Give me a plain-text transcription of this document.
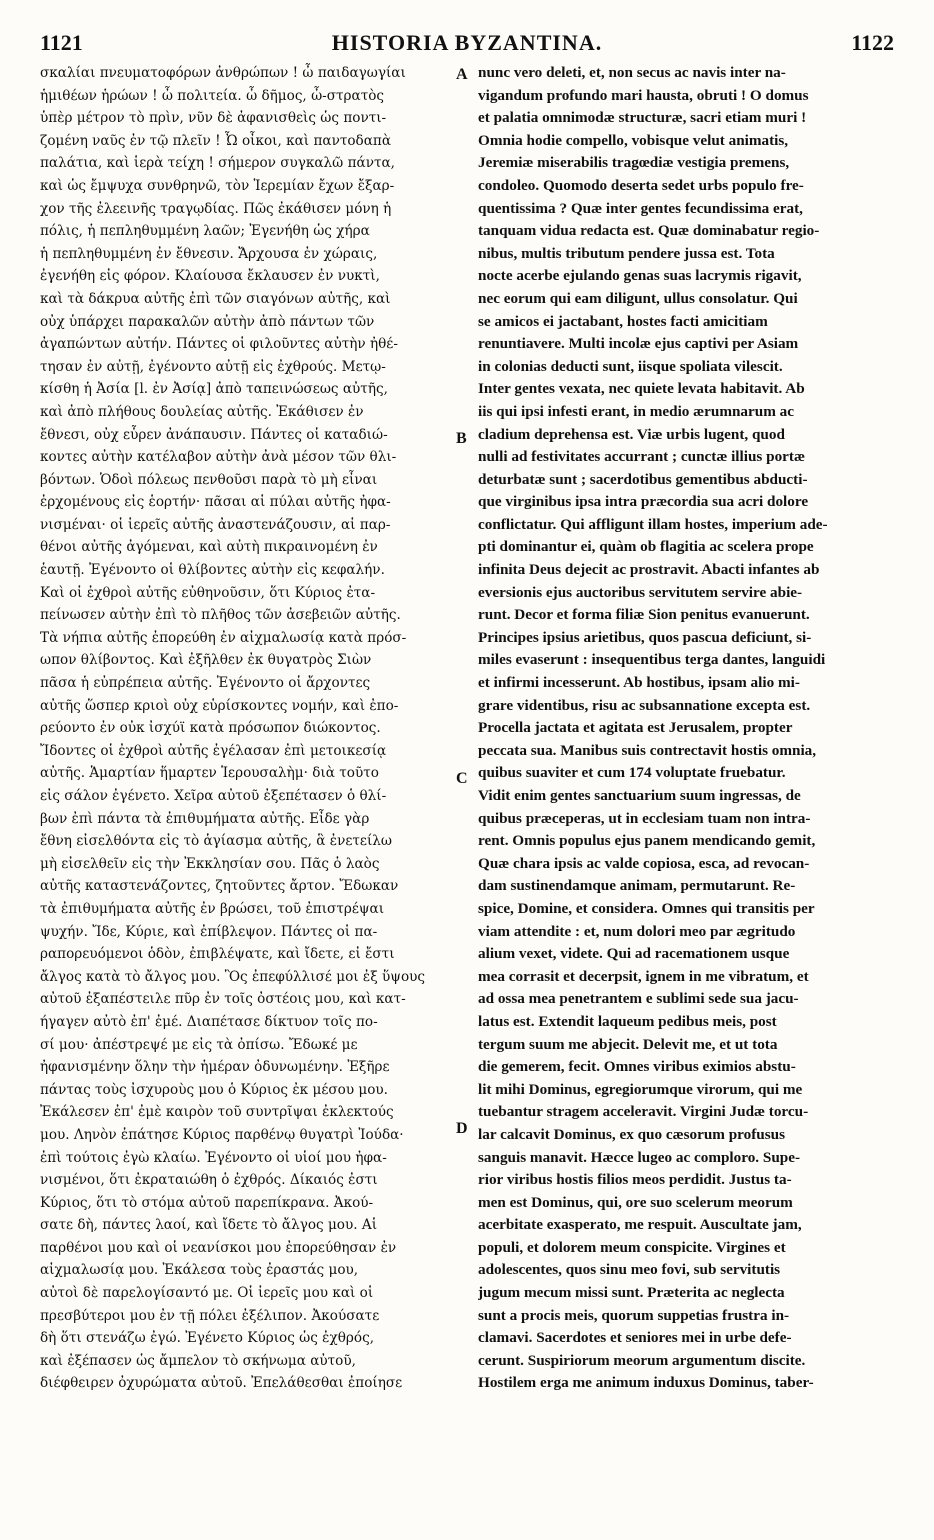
1121	HISTORIA BYZANTINA.	1122
σκαλίαι πνευματοφόρων ἀνθρώπων ! ὦ παιδαγωγίαι
ἡμιθέων ἡρώων ! ὦ πολιτεία. ὦ δῆμος, ὦ-στρατὸς
ὑπὲρ μέτρον τὸ πρὶν, νῦν δὲ ἀφανισθεὶς ὡς ποντι-
ζομένη ναῦς ἐν τῷ πλεῖν ! Ὦ οἶκοι, καὶ παντοδαπὰ
παλάτια, καὶ ἱερὰ τείχη ! σήμερον συγκαλῶ πάντα,
καὶ ὡς ἔμψυχα συνθρηνῶ, τὸν Ἱερεμίαν ἔχων ἔξαρ-
χον τῆς ἐλεεινῆς τραγῳδίας. Πῶς ἐκάθισεν μόνη ἡ
πόλις, ἡ πεπληθυμμένη λαῶν; Ἐγενήθη ὡς χήρα
ἡ πεπληθυμμένη ἐν ἔθνεσιν. Ἄρχουσα ἐν χώραις,
ἐγενήθη εἰς φόρον. Κλαίουσα ἔκλαυσεν ἐν νυκτὶ,
καὶ τὰ δάκρυα αὐτῆς ἐπὶ τῶν σιαγόνων αὐτῆς, καὶ
οὐχ ὑπάρχει παρακαλῶν αὐτὴν ἀπὸ πάντων τῶν
ἀγαπώντων αὐτήν. Πάντες οἱ φιλοῦντες αὐτὴν ἠθέ-
τησαν ἐν αὐτῇ, ἐγένοντο αὐτῇ εἰς ἐχθρούς. Μετῳ-
κίσθη ἡ Ἀσία [l. ἐν Ἀσίᾳ] ἀπὸ ταπεινώσεως αὐτῆς,
καὶ ἀπὸ πλήθους δουλείας αὐτῆς. Ἐκάθισεν ἐν
ἔθνεσι, οὐχ εὗρεν ἀνάπαυσιν. Πάντες οἱ καταδιώ-
κοντες αὐτὴν κατέλαβον αὐτὴν ἀνὰ μέσον τῶν θλι-
βόντων. Ὁδοὶ πόλεως πενθοῦσι παρὰ τὸ μὴ εἶναι
ἐρχομένους εἰς ἑορτήν· πᾶσαι αἱ πύλαι αὐτῆς ἠφα-
νισμέναι· οἱ ἱερεῖς αὐτῆς ἀναστενάζουσιν, αἱ παρ-
θένοι αὐτῆς ἀγόμεναι, καὶ αὐτὴ πικραινομένη ἐν
ἑαυτῇ. Ἐγένοντο οἱ θλίβοντες αὐτὴν εἰς κεφαλήν.
Καὶ οἱ ἐχθροὶ αὐτῆς εὐθηνοῦσιν, ὅτι Κύριος ἐτα-
πείνωσεν αὐτὴν ἐπὶ τὸ πλῆθος τῶν ἀσεβειῶν αὐτῆς.
Τὰ νήπια αὐτῆς ἐπορεύθη ἐν αἰχμαλωσίᾳ κατὰ πρόσ-
ωπον θλίβοντος. Καὶ ἐξῆλθεν ἐκ θυγατρὸς Σιὼν
πᾶσα ἡ εὐπρέπεια αὐτῆς. Ἐγένοντο οἱ ἄρχοντες
αὐτῆς ὥσπερ κριοὶ οὐχ εὑρίσκοντες νομήν, καὶ ἐπο-
ρεύοντο ἐν οὐκ ἰσχύϊ κατὰ πρόσωπον διώκοντος.
Ἴδοντες οἱ ἐχθροὶ αὐτῆς ἐγέλασαν ἐπὶ μετοικεσίᾳ
αὐτῆς. Ἁμαρτίαν ἥμαρτεν Ἱερουσαλὴμ· διὰ τοῦτο
εἰς σάλον ἐγένετο. Χεῖρα αὐτοῦ ἐξεπέτασεν ὁ θλί-
βων ἐπὶ πάντα τὰ ἐπιθυμήματα αὐτῆς. Εἶδε γὰρ
ἔθνη εἰσελθόντα εἰς τὸ ἁγίασμα αὐτῆς, ἃ ἐνετείλω
μὴ εἰσελθεῖν εἰς τὴν Ἐκκλησίαν σου. Πᾶς ὁ λαὸς
αὐτῆς καταστενάζοντες, ζητοῦντες ἄρτον. Ἔδωκαν
τὰ ἐπιθυμήματα αὐτῆς ἐν βρώσει, τοῦ ἐπιστρέψαι
ψυχήν. Ἴδε, Κύριε, καὶ ἐπίβλεψον. Πάντες οἱ πα-
ραπορευόμενοι ὁδὸν, ἐπιβλέψατε, καὶ ἴδετε, εἰ ἔστι
ἄλγος κατὰ τὸ ἄλγος μου. Ὃς ἐπεφύλλισέ μοι ἐξ ὕψους
αὐτοῦ ἐξαπέστειλε πῦρ ἐν τοῖς ὀστέοις μου, καὶ κατ-
ήγαγεν αὐτὸ ἐπ' ἐμέ. Διαπέτασε δίκτυον τοῖς πο-
σί μου· ἀπέστρεψέ με εἰς τὰ ὀπίσω. Ἔδωκέ με
ἠφανισμένην ὅλην τὴν ἡμέραν ὀδυνωμένην. Ἐξῆρε
πάντας τοὺς ἰσχυροὺς μου ὁ Κύριος ἐκ μέσου μου.
Ἐκάλεσεν ἐπ' ἐμὲ καιρὸν τοῦ συντρῖψαι ἐκλεκτούς
μου. Ληνὸν ἐπάτησε Κύριος παρθένῳ θυγατρὶ Ἰούδα·
ἐπὶ τούτοις ἐγὼ κλαίω. Ἐγένοντο οἱ υἱοί μου ἠφα-
νισμένοι, ὅτι ἐκραταιώθη ὁ ἐχθρός. Δίκαιός ἐστι
Κύριος, ὅτι τὸ στόμα αὐτοῦ παρεπίκρανα. Ἀκού-
σατε δὴ, πάντες λαοί, καὶ ἴδετε τὸ ἄλγος μου. Αἱ
παρθένοι μου καὶ οἱ νεανίσκοι μου ἐπορεύθησαν ἐν
αἰχμαλωσίᾳ μου. Ἐκάλεσα τοὺς ἐραστάς μου,
αὐτοὶ δὲ παρελογίσαντό με. Οἱ ἱερεῖς μου καὶ οἱ
πρεσβύτεροι μου ἐν τῇ πόλει ἐξέλιπον. Ἀκούσατε
δὴ ὅτι στενάζω ἐγώ. Ἐγένετο Κύριος ὡς ἐχθρός,
καὶ ἐξέπασεν ὡς ἄμπελον τὸ σκήνωμα αὐτοῦ,
διέφθειρεν ὀχυρώματα αὐτοῦ. Ἐπελάθεσθαι ἐποίησε
A
B
C
D
nunc vero deleti, et, non secus ac navis inter na-
vigandum profundo mari hausta, obruti ! O domus
et palatia omnimodæ structuræ, sacri etiam muri !
Omnia hodie compello, vobisque velut animatis,
Jeremiæ miserabilis tragœdiæ vestigia premens,
condoleo. Quomodo deserta sedet urbs populo fre-
quentissima ? Quæ inter gentes fecundissima erat,
tanquam vidua redacta est. Quæ dominabatur regio-
nibus, multis tributum pendere jussa est. Tota
nocte acerbe ejulando genas suas lacrymis rigavit,
nec eorum qui eam diligunt, ullus consolatur. Qui
se amicos ei jactabant, hostes facti amicitiam
renuntiavere. Multi incolæ ejus captivi per Asiam
in colonias deducti sunt, iisque spoliata vilescit.
Inter gentes vexata, nec quiete levata habitavit. Ab
iis qui ipsi infesti erant, in medio ærumnarum ac
cladium deprehensa est. Viæ urbis lugent, quod
nulli ad festivitates accurrant ; cunctæ illius portæ
deturbatæ sunt ; sacerdotibus gementibus abducti-
que virginibus ipsa intra præcordia sua acri dolore
conflictatur. Qui affligunt illam hostes, imperium ade-
pti dominantur ei, quàm ob flagitia ac scelera prope
infinita Deus dejecit ac prostravit. Abacti infantes ab
eversionis ejus auctoribus servitutem servire abie-
runt. Decor et forma filiæ Sion penitus evanuerunt.
Principes ipsius arietibus, quos pascua deficiunt, si-
miles evaserunt : insequentibus terga dantes, languidi
et infirmi incesserunt. Ab hostibus, ipsam alio mi-
grare videntibus, risu ac subsannatione excepta est.
Procella jactata et agitata est Jerusalem, propter
peccata sua. Manibus suis contrectavit hostis omnia,
quibus suaviter et cum 174 voluptate fruebatur.
Vidit enim gentes sanctuarium suum ingressas, de
quibus præceperas, ut in ecclesiam tuam non intra-
rent. Omnis populus ejus panem mendicando gemit,
Quæ chara ipsis ac valde copiosa, esca, ad revocan-
dam sustinendamque animam, permutarunt. Re-
spice, Domine, et considera. Omnes qui transitis per
viam attendite : et, num dolori meo par ægritudo
alium vexet, videte. Qui ad racemationem usque
mea corrasit et decerpsit, ignem in me vibratum, et
ad ossa mea penetrantem e sublimi sede sua jacu-
latus est. Extendit laqueum pedibus meis, post
tergum suum me abjecit. Delevit me, et ut tota
die gemerem, fecit. Omnes viribus eximios abstu-
lit mihi Dominus, egregiorumque virorum, qui me
tuebantur stragem acceleravit. Virgini Judæ torcu-
lar calcavit Dominus, ex quo cæsorum profusus
sanguis manavit. Hæcce lugeo ac comploro. Supe-
rior viribus hostis filios meos perdidit. Justus ta-
men est Dominus, qui, ore suo scelerum meorum
acerbitate exasperato, me respuit. Auscultate jam,
populi, et dolorem meum conspicite. Virgines et
adolescentes, quos sinu meo fovi, sub servitutis
jugum mecum missi sunt. Præterita ac neglecta
sunt a procis meis, quorum suppetias frustra in-
clamavi. Sacerdotes et seniores mei in urbe defe-
cerunt. Suspiriorum meorum argumentum discite.
Hostilem erga me animum induxus Dominus, taber-
